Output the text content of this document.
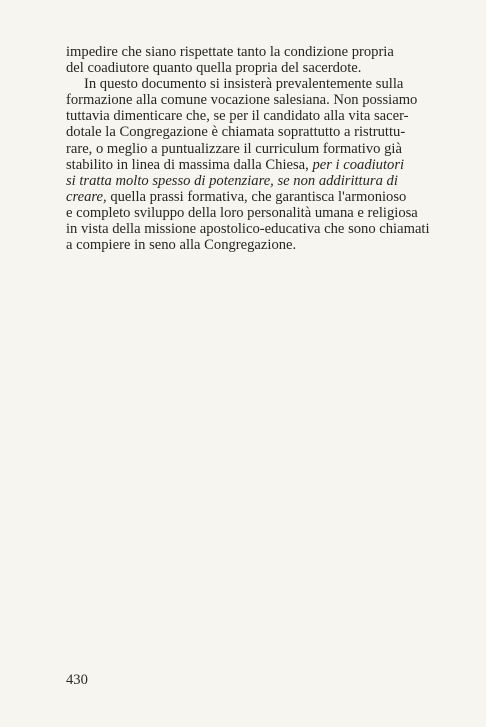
impedire che siano rispettate tanto la condizione propria
del coadiutore quanto quella propria del sacerdote.
In questo documento si insisterà prevalentemente sulla
formazione alla comune vocazione salesiana. Non possiamo
tuttavia dimenticare che, se per il candidato alla vita sacer-
dotale la Congregazione è chiamata soprattutto a ristruttu-
rare, o meglio a puntualizzare il curriculum formativo già
stabilito in linea di massima dalla Chiesa, per i coadiutori
si tratta molto spesso di potenziare, se non addirittura di
creare, quella prassi formativa, che garantisca l'armonioso
e completo sviluppo della loro personalità umana e religiosa
in vista della missione apostolico-educativa che sono chiamati
a compiere in seno alla Congregazione.
430
